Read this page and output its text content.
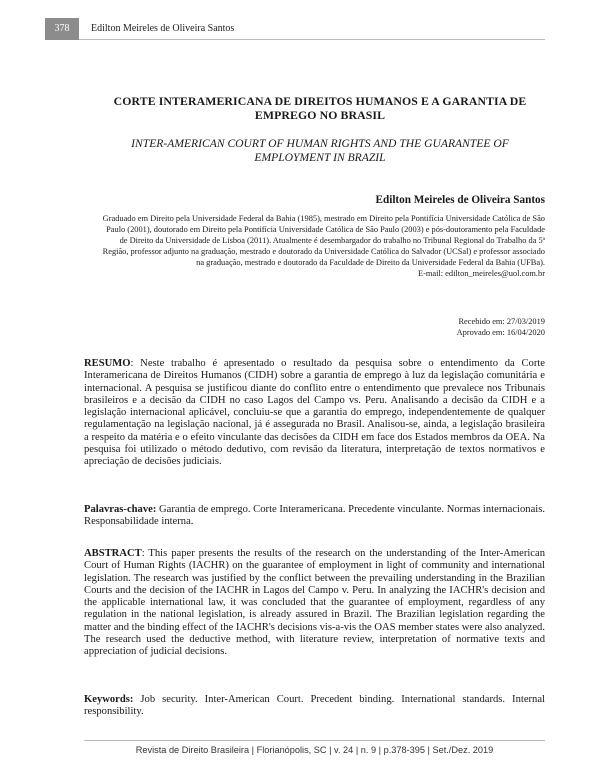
378	Edilton Meireles de Oliveira Santos
CORTE INTERAMERICANA DE DIREITOS HUMANOS E A GARANTIA DE EMPREGO NO BRASIL
INTER-AMERICAN COURT OF HUMAN RIGHTS AND THE GUARANTEE OF EMPLOYMENT IN BRAZIL
Edilton Meireles de Oliveira Santos
Graduado em Direito pela Universidade Federal da Bahia (1985), mestrado em Direito pela Pontifícia Universidade Católica de São Paulo (2001), doutorado em Direito pela Pontifícia Universidade Católica de São Paulo (2003) e pós-doutoramento pela Faculdade de Direito da Universidade de Lisboa (2011). Atualmente é desembargador do trabalho no Tribunal Regional do Trabalho da 5ª Região, professor adjunto na graduação, mestrado e doutorado da Universidade Católica do Salvador (UCSal) e professor associado na graduação, mestrado e doutorado da Faculdade de Direito da Universidade Federal da Bahia (UFBa).
E-mail: edilton_meireles@uol.com.br
Recebido em: 27/03/2019
Aprovado em: 16/04/2020
RESUMO: Neste trabalho é apresentado o resultado da pesquisa sobre o entendimento da Corte Interamericana de Direitos Humanos (CIDH) sobre a garantia de emprego à luz da legislação comunitária e internacional. A pesquisa se justificou diante do conflito entre o entendimento que prevalece nos Tribunais brasileiros e a decisão da CIDH no caso Lagos del Campo vs. Peru. Analisando a decisão da CIDH e a legislação internacional aplicável, concluiu-se que a garantia do emprego, independentemente de qualquer regulamentação na legislação nacional, já é assegurada no Brasil. Analisou-se, ainda, a legislação brasileira a respeito da matéria e o efeito vinculante das decisões da CIDH em face dos Estados membros da OEA. Na pesquisa foi utilizado o método dedutivo, com revisão da literatura, interpretação de textos normativos e apreciação de decisões judiciais.
Palavras-chave: Garantia de emprego. Corte Interamericana. Precedente vinculante. Normas internacionais. Responsabilidade interna.
ABSTRACT: This paper presents the results of the research on the understanding of the Inter-American Court of Human Rights (IACHR) on the guarantee of employment in light of community and international legislation. The research was justified by the conflict between the prevailing understanding in the Brazilian Courts and the decision of the IACHR in Lagos del Campo v. Peru. In analyzing the IACHR's decision and the applicable international law, it was concluded that the guarantee of employment, regardless of any regulation in the national legislation, is already assured in Brazil. The Brazilian legislation regarding the matter and the binding effect of the IACHR's decisions vis-a-vis the OAS member states were also analyzed. The research used the deductive method, with literature review, interpretation of normative texts and appreciation of judicial decisions.
Keywords: Job security. Inter-American Court. Precedent binding. International standards. Internal responsibility.
Revista de Direito Brasileira | Florianópolis, SC | v. 24 | n. 9 | p.378-395 | Set./Dez. 2019
